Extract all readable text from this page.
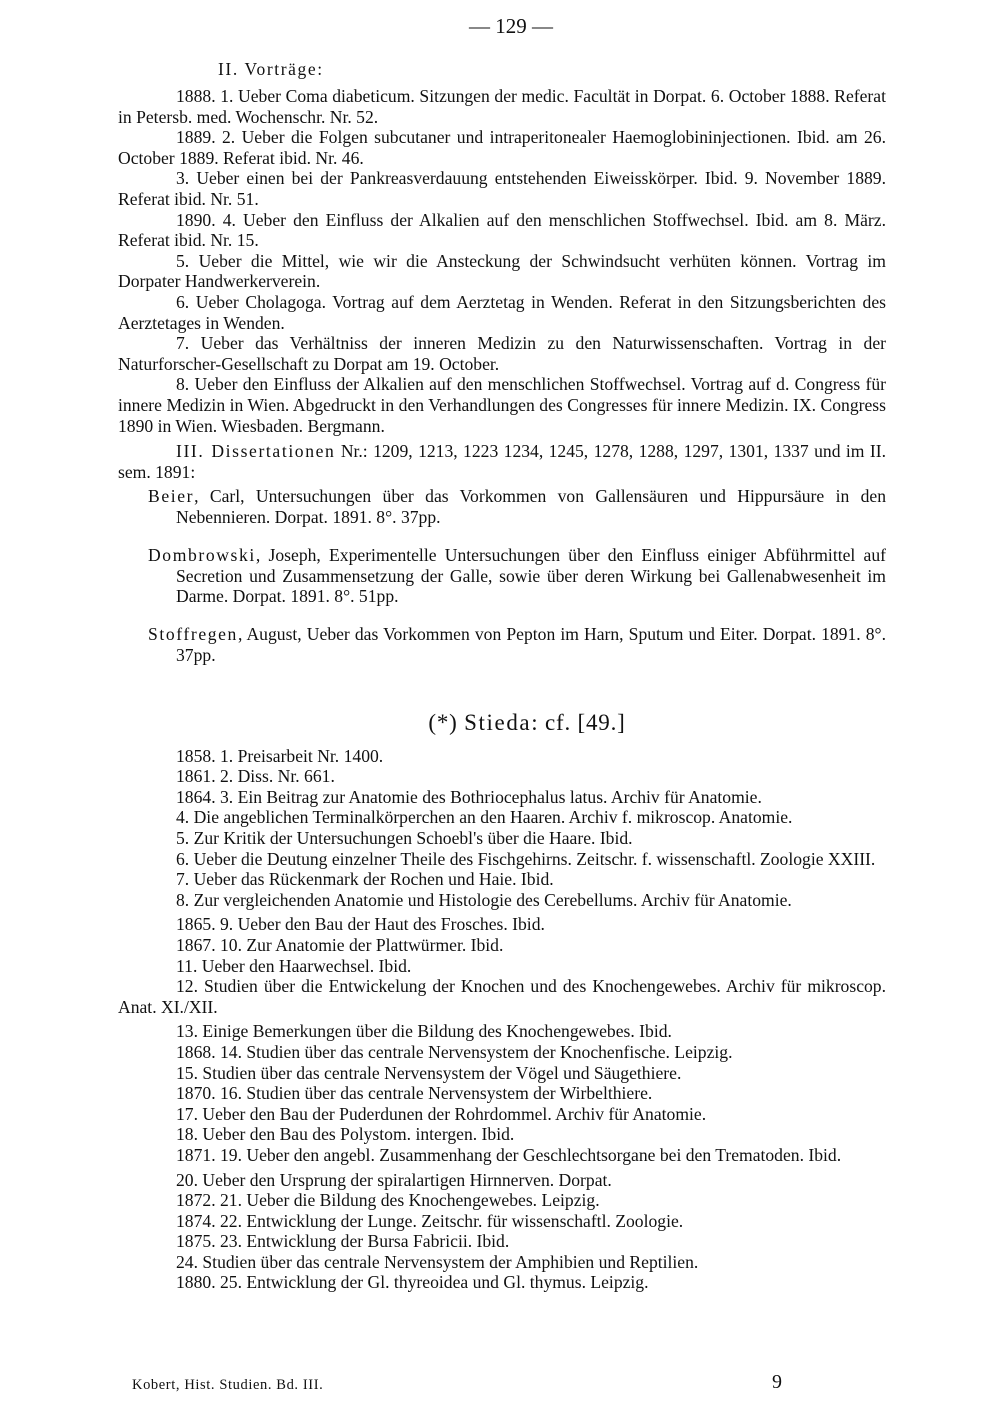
— 129 —
II. Vorträge:

1888. 1. Ueber Coma diabeticum. Sitzungen der medic. Facultät in Dorpat. 6. October 1888. Referat in Petersb. med. Wochenschr. Nr. 52.

1889. 2. Ueber die Folgen subcutaner und intraperitonealer Haemoglobininjectionen. Ibid. am 26. October 1889. Referat ibid. Nr. 46.

3. Ueber einen bei der Pankreasverdauung entstehenden Eiweisskörper. Ibid. 9. November 1889. Referat ibid. Nr. 51.

1890. 4. Ueber den Einfluss der Alkalien auf den menschlichen Stoffwechsel. Ibid. am 8. März. Referat ibid. Nr. 15.

5. Ueber die Mittel, wie wir die Ansteckung der Schwindsucht verhüten können. Vortrag im Dorpater Handwerkerverein.

6. Ueber Cholagoga. Vortrag auf dem Aerztetag in Wenden. Referat in den Sitzungsberichten des Aerztetages in Wenden.

7. Ueber das Verhältniss der inneren Medizin zu den Naturwissenschaften. Vortrag in der Naturforscher-Gesellschaft zu Dorpat am 19. October.

8. Ueber den Einfluss der Alkalien auf den menschlichen Stoffwechsel. Vortrag auf d. Congress für innere Medizin in Wien. Abgedruckt in den Verhandlungen des Congresses für innere Medizin. IX. Congress 1890 in Wien. Wiesbaden. Bergmann.

III. Dissertationen Nr.: 1209, 1213, 1223 1234, 1245, 1278, 1288, 1297, 1301, 1337 und im II. sem. 1891:

Beier, Carl, Untersuchungen über das Vorkommen von Gallensäuren und Hippursäure in den Nebennieren. Dorpat. 1891. 8°. 37pp.

Dombrowski, Joseph, Experimentelle Untersuchungen über den Einfluss einiger Abführmittel auf Secretion und Zusammensetzung der Galle, sowie über deren Wirkung bei Gallenabwesenheit im Darme. Dorpat. 1891. 8°. 51pp.

Stoffregen, August, Ueber das Vorkommen von Pepton im Harn, Sputum und Eiter. Dorpat. 1891. 8°. 37pp.

(*) Stieda: cf. [49.]

1858. 1. Preisarbeit Nr. 1400.

1861. 2. Diss. Nr. 661.

1864. 3. Ein Beitrag zur Anatomie des Bothriocephalus latus. Archiv für Anatomie.

4. Die angeblichen Terminalkörperchen an den Haaren. Archiv f. mikroscop. Anatomie.

5. Zur Kritik der Untersuchungen Schoebl's über die Haare. Ibid.

6. Ueber die Deutung einzelner Theile des Fischgehirns. Zeitschr. f. wissenschaftl. Zoologie XXIII.

7. Ueber das Rückenmark der Rochen und Haie. Ibid.

8. Zur vergleichenden Anatomie und Histologie des Cerebellums. Archiv für Anatomie.

1865. 9. Ueber den Bau der Haut des Frosches. Ibid.

1867. 10. Zur Anatomie der Plattwürmer. Ibid.

11. Ueber den Haarwechsel. Ibid.

12. Studien über die Entwickelung der Knochen und des Knochengewebes. Archiv für mikroscop. Anat. XI./XII.

13. Einige Bemerkungen über die Bildung des Knochengewebes. Ibid.

1868. 14. Studien über das centrale Nervensystem der Knochenfische. Leipzig.

15. Studien über das centrale Nervensystem der Vögel und Säugethiere.

1870. 16. Studien über das centrale Nervensystem der Wirbelthiere.

17. Ueber den Bau der Puderdunen der Rohrdommel. Archiv für Anatomie.

18. Ueber den Bau des Polystom. intergen. Ibid.

1871. 19. Ueber den angebl. Zusammenhang der Geschlechtsorgane bei den Trematoden. Ibid.

20. Ueber den Ursprung der spiralartigen Hirnnerven. Dorpat.

1872. 21. Ueber die Bildung des Knochengewebes. Leipzig.

1874. 22. Entwicklung der Lunge. Zeitschr. für wissenschaftl. Zoologie.

1875. 23. Entwicklung der Bursa Fabricii. Ibid.

24. Studien über das centrale Nervensystem der Amphibien und Reptilien.

1880. 25. Entwicklung der Gl. thyreoidea und Gl. thymus. Leipzig.

Kobert, Hist. Studien. Bd. III.	9
